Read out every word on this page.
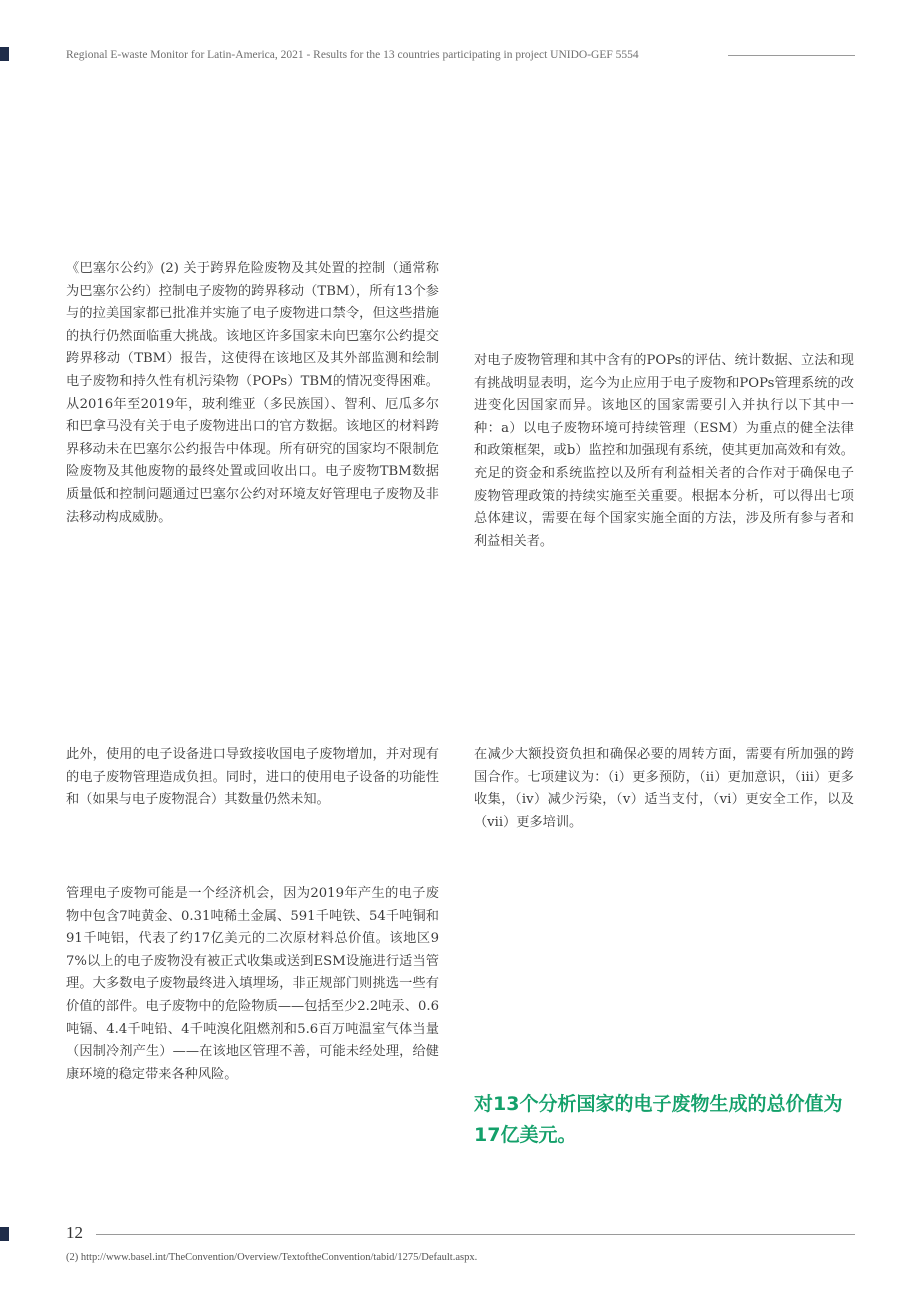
Regional E-waste Monitor for Latin-America, 2021 - Results for the 13 countries participating in project UNIDO-GEF 5554

《巴塞尔公约》(2) 关于跨界危险废物及其处置的控制（通常称为巴塞尔公约）控制电子废物的跨界移动（TBM），所有13个参与的拉美国家都已批准并实施了电子废物进口禁令，但这些措施的执行仍然面临重大挑战。该地区许多国家未向巴塞尔公约提交跨界移动（TBM）报告，这使得在该地区及其外部监测和绘制电子废物和持久性有机污染物（POPs）TBM的情况变得困难。从2016年至2019年，玻利维亚（多民族国）、智利、厄瓜多尔和巴拿马没有关于电子废物进出口的官方数据。该地区的材料跨界移动未在巴塞尔公约报告中体现。所有研究的国家均不限制危险废物及其他废物的最终处置或回收出口。电子废物TBM数据质量低和控制问题通过巴塞尔公约对环境友好管理电子废物及非法移动构成威胁。

此外，使用的电子设备进口导致接收国电子废物增加，并对现有的电子废物管理造成负担。同时，进口的使用电子设备的功能性和（如果与电子废物混合）其数量仍然未知。

管理电子废物可能是一个经济机会，因为2019年产生的电子废物中包含7吨黄金、0.31吨稀土金属、591千吨铁、54千吨铜和91千吨铝，代表了约17亿美元的二次原材料总价值。该地区97%以上的电子废物没有被正式收集或送到ESM设施进行适当管理。大多数电子废物最终进入填埋场，非正规部门则挑选一些有价值的部件。电子废物中的危险物质——包括至少2.2吨汞、0.6吨镉、4.4千吨铅、4千吨溴化阻燃剂和5.6百万吨温室气体当量（因制冷剂产生）——在该地区管理不善，可能未经处理，给健康环境的稳定带来各种风险。

对电子废物管理和其中含有的POPs的评估、统计数据、立法和现有挑战明显表明，迄今为止应用于电子废物和POPs管理系统的改进变化因国家而异。该地区的国家需要引入并执行以下其中一种：a）以电子废物环境可持续管理（ESM）为重点的健全法律和政策框架，或b）监控和加强现有系统，使其更加高效和有效。充足的资金和系统监控以及所有利益相关者的合作对于确保电子废物管理政策的持续实施至关重要。根据本分析，可以得出七项总体建议，需要在每个国家实施全面的方法，涉及所有参与者和利益相关者。

在减少大额投资负担和确保必要的周转方面，需要有所加强的跨国合作。七项建议为：（i）更多预防，（ii）更加意识，（iii）更多收集，（iv）减少污染，（v）适当支付，（vi）更安全工作，以及（vii）更多培训。

对13个分析国家的电子废物生成的总价值为17亿美元。

12
(2) http://www.basel.int/TheConvention/Overview/TextoftheConvention/tabid/1275/Default.aspx.
